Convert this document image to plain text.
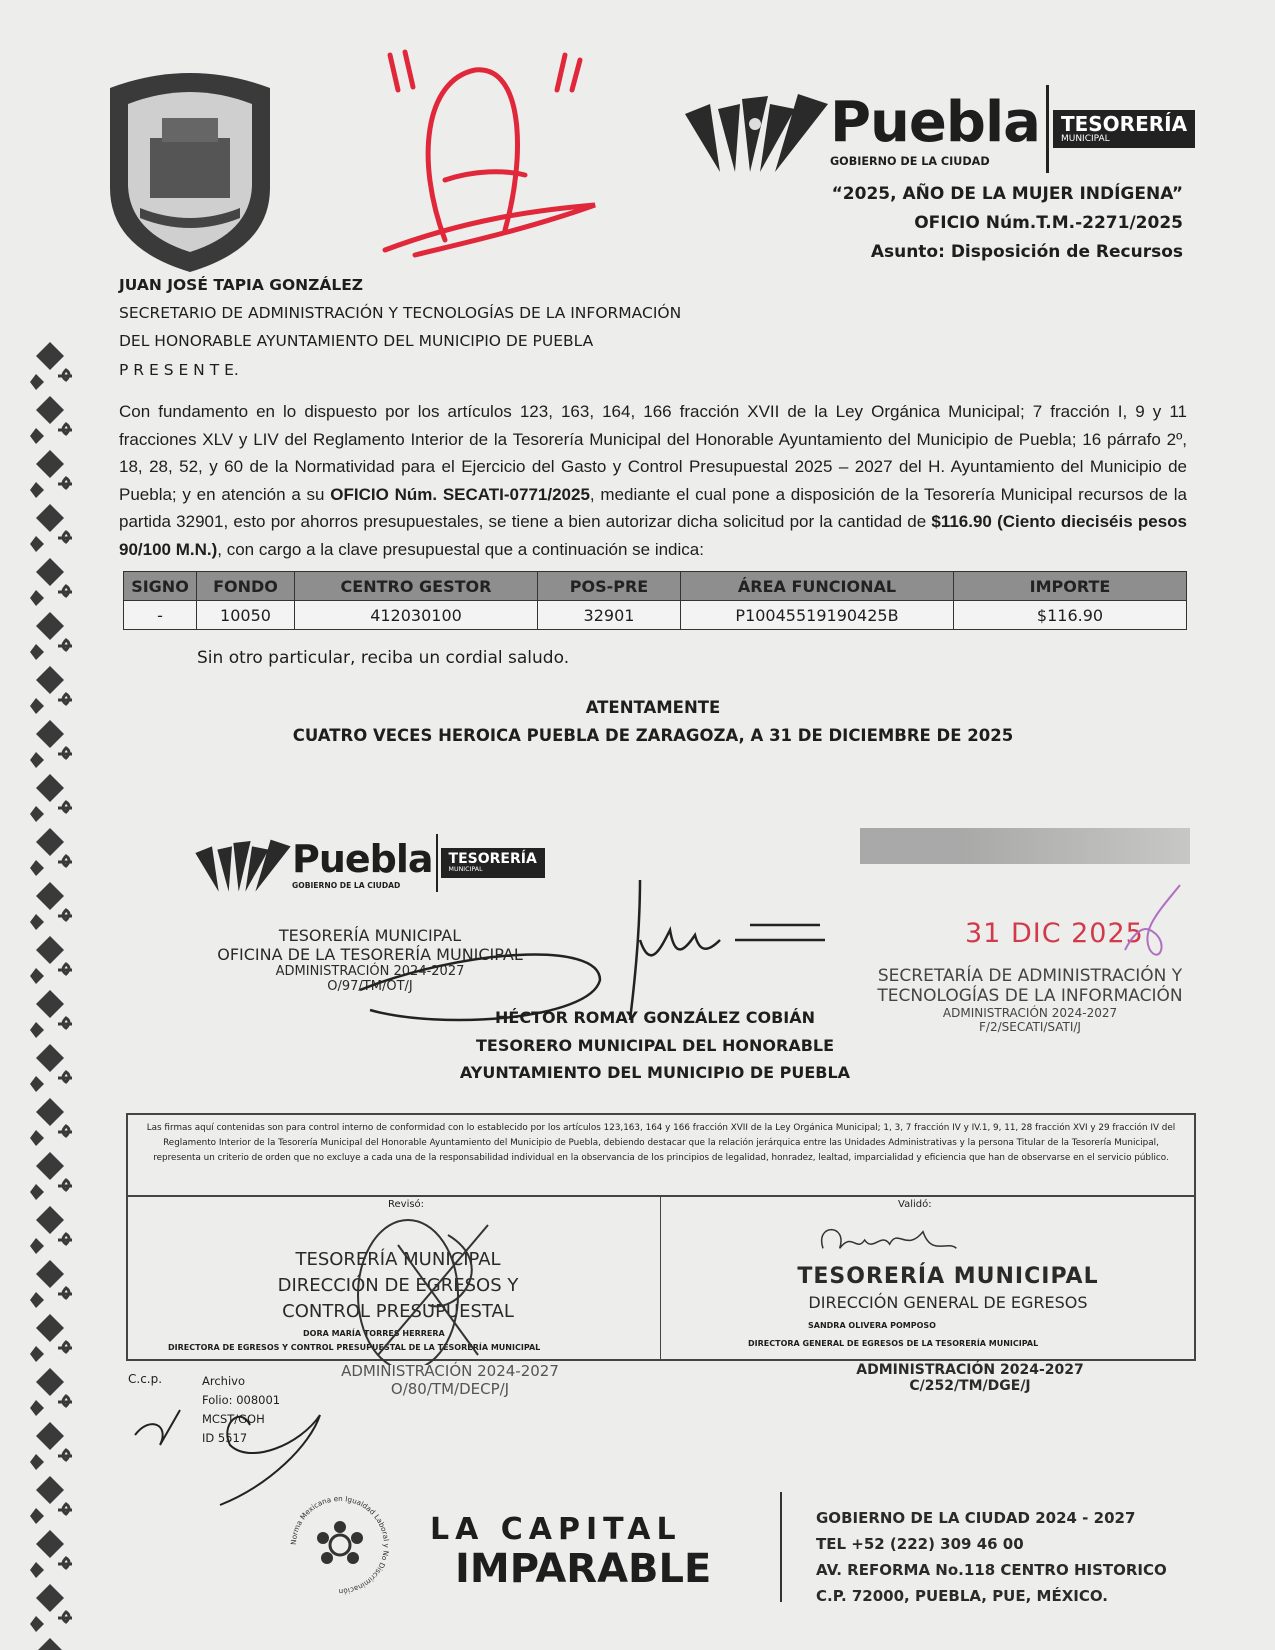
Puebla
GOBIERNO DE LA CIUDAD
TESORERÍA
MUNICIPAL
“2025, AÑO DE LA MUJER INDÍGENA”
OFICIO Núm.T.M.-2271/2025
Asunto: Disposición de Recursos
JUAN JOSÉ TAPIA GONZÁLEZ
SECRETARIO DE ADMINISTRACIÓN Y TECNOLOGÍAS DE LA INFORMACIÓN
DEL HONORABLE AYUNTAMIENTO DEL MUNICIPIO DE PUEBLA
P R E S E N T E.
Con fundamento en lo dispuesto por los artículos 123, 163, 164, 166 fracción XVII de la Ley Orgánica Municipal; 7 fracción I, 9 y 11 fracciones XLV y LIV del Reglamento Interior de la Tesorería Municipal del Honorable Ayuntamiento del Municipio de Puebla; 16 párrafo 2º, 18, 28, 52, y 60 de la Normatividad para el Ejercicio del Gasto y Control Presupuestal 2025 – 2027 del H. Ayuntamiento del Municipio de Puebla; y en atención a su OFICIO Núm. SECATI-0771/2025, mediante el cual pone a disposición de la Tesorería Municipal recursos de la partida 32901, esto por ahorros presupuestales, se tiene a bien autorizar dicha solicitud por la cantidad de $116.90 (Ciento dieciséis pesos 90/100 M.N.), con cargo a la clave presupuestal que a continuación se indica:
SIGNO	FONDO	CENTRO GESTOR	POS-PRE	ÁREA FUNCIONAL	IMPORTE
-	10050	412030100	32901	P10045519190425B	$116.90
Sin otro particular, reciba un cordial saludo.
ATENTAMENTE
CUATRO VECES HEROICA PUEBLA DE ZARAGOZA, A 31 DE DICIEMBRE DE 2025
Puebla
GOBIERNO DE LA CIUDAD
TESORERÍA
MUNICIPAL
TESORERÍA MUNICIPAL
OFICINA DE LA TESORERÍA MUNICIPAL
ADMINISTRACIÓN 2024-2027
O/97/TM/OT/J
HÉCTOR ROMAY GONZÁLEZ COBIÁN
TESORERO MUNICIPAL DEL HONORABLE
AYUNTAMIENTO DEL MUNICIPIO DE PUEBLA
31 DIC 2025
SECRETARÍA DE ADMINISTRACIÓN Y
TECNOLOGÍAS DE LA INFORMACIÓN
ADMINISTRACIÓN 2024-2027
F/2/SECATI/SATI/J

Las firmas aquí contenidas son para control interno de conformidad con lo establecido por los artículos 123,163, 164 y 166 fracción XVII de la Ley Orgánica Municipal; 1, 3, 7 fracción IV y IV.1, 9, 11, 28 fracción XVI y 29 fracción IV del Reglamento Interior de la Tesorería Municipal del Honorable Ayuntamiento del Municipio de Puebla, debiendo destacar que la relación jerárquica entre las Unidades Administrativas y la persona Titular de la Tesorería Municipal, representa un criterio de orden que no excluye a cada una de la responsabilidad individual en la observancia de los principios de legalidad, honradez, lealtad, imparcialidad y eficiencia que han de observarse en el servicio público.

Revisó:	Validó:
TESORERÍA MUNICIPAL
DIRECCIÓN DE EGRESOS Y
CONTROL PRESUPUESTAL
DORA MARÍA TORRES HERRERA
DIRECTORA DE EGRESOS Y CONTROL PRESUPUESTAL DE LA TESORERÍA MUNICIPAL
TESORERÍA MUNICIPAL
DIRECCIÓN GENERAL DE EGRESOS
SANDRA OLIVERA POMPOSO
DIRECTORA GENERAL DE EGRESOS DE LA TESORERÍA MUNICIPAL
ADMINISTRACIÓN 2024-2027
O/80/TM/DECP/J
ADMINISTRACIÓN 2024-2027
C/252/TM/DGE/J
C.c.p.	Archivo
Folio: 008001
MCST/GOH
ID 5517
Norma Mexicana en Igualdad Laboral y No Discriminación
LA CAPITAL
IMPARABLE
GOBIERNO DE LA CIUDAD 2024 - 2027
TEL +52 (222) 309 46 00
AV. REFORMA No.118 CENTRO HISTORICO
C.P. 72000, PUEBLA, PUE, MÉXICO.
